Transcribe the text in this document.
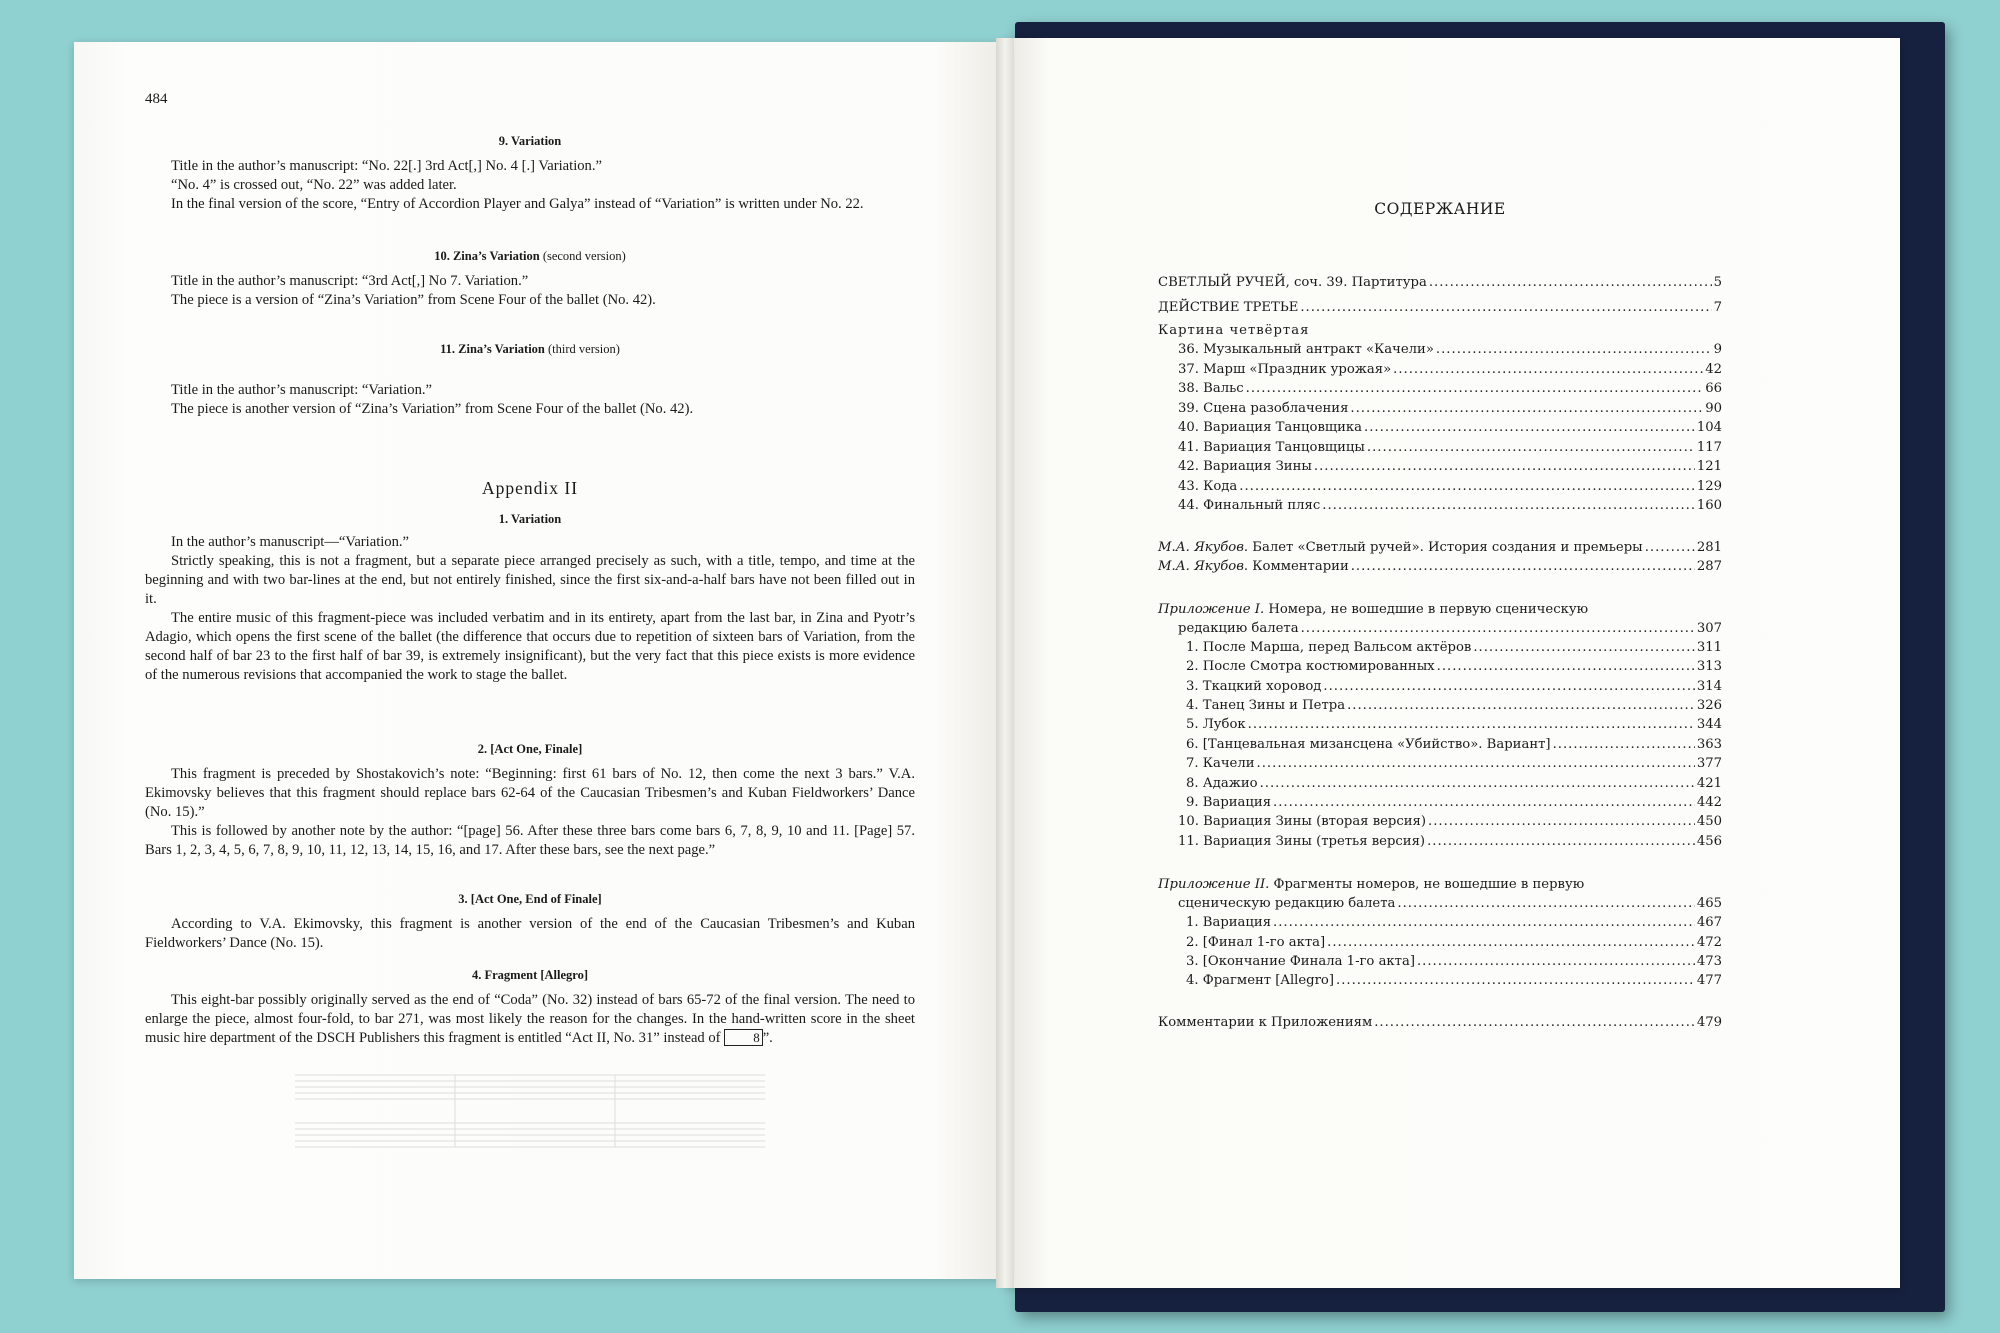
484

9. Variation

Title in the author’s manuscript: “No. 22[.] 3rd Act[,] No. 4 [.] Variation.”

“No. 4” is crossed out, “No. 22” was added later.

In the final version of the score, “Entry of Accordion Player and Galya” instead of “Variation” is written under No. 22.

10. Zina’s Variation (second version)

Title in the author’s manuscript: “3rd Act[,] No 7. Variation.”

The piece is a version of “Zina’s Variation” from Scene Four of the ballet (No. 42).

11. Zina’s Variation (third version)

Title in the author’s manuscript: “Variation.”

The piece is another version of “Zina’s Variation” from Scene Four of the ballet (No. 42).

Appendix II

1. Variation

In the author’s manuscript—“Variation.”

Strictly speaking, this is not a fragment, but a separate piece arranged precisely as such, with a title, tempo, and time at the beginning and with two bar-lines at the end, but not entirely finished, since the first six-and-a-half bars have not been filled out in it.

The entire music of this fragment-piece was included verbatim and in its entirety, apart from the last bar, in Zina and Pyotr’s Adagio, which opens the first scene of the ballet (the difference that occurs due to repetition of sixteen bars of Variation, from the second half of bar 23 to the first half of bar 39, is extremely insignificant), but the very fact that this piece exists is more evidence of the numerous revisions that accompanied the work to stage the ballet.

2. [Act One, Finale]

This fragment is preceded by Shostakovich’s note: “Beginning: first 61 bars of No. 12, then come the next 3 bars.” V.A. Ekimovsky believes that this fragment should replace bars 62-64 of the Caucasian Tribesmen’s and Kuban Fieldworkers’ Dance (No. 15).”

This is followed by another note by the author: “[page] 56. After these three bars come bars 6, 7, 8, 9, 10 and 11. [Page] 57. Bars 1, 2, 3, 4, 5, 6, 7, 8, 9, 10, 11, 12, 13, 14, 15, 16, and 17. After these bars, see the next page.”

3. [Act One, End of Finale]

According to V.A. Ekimovsky, this fragment is another version of the end of the Caucasian Tribesmen’s and Kuban Fieldworkers’ Dance (No. 15).

4. Fragment [Allegro]

This eight-bar possibly originally served as the end of “Coda” (No. 32) instead of bars 65-72 of the final version. The need to enlarge the piece, almost four-fold, to bar 271, was most likely the reason for the changes. In the hand-written score in the sheet music hire department of the DSCH Publishers this fragment is entitled “Act II, No. 31” instead of	8 ”.

СОДЕРЖАНИЕ
СВЕТЛЫЙ РУЧЕЙ, соч. 39. Партитура .....	5
ДЕЙСТВИЕ ТРЕТЬЕ .....	7
Картина четвёртая
36. Музыкальный антракт «Качели» .....	9
37. Марш «Праздник урожая» .....	42
38. Вальс .....	66
39. Сцена разоблачения .....	90
40. Вариация Танцовщика .....	104
41. Вариация Танцовщицы .....	117
42. Вариация Зины .....	121
43. Кода .....	129
44. Финальный пляс .....	160
М.А. Якубов. Балет «Светлый ручей». История создания и премьеры .....	281
М.А. Якубов. Комментарии .....	287
Приложение I. Номера, не вошедшие в первую сценическую
редакцию балета .....	307
1. После Марша, перед Вальсом актёров .....	311
2. После Смотра костюмированных .....	313
3. Ткацкий хоровод .....	314
4. Танец Зины и Петра .....	326
5. Лубок .....	344
6. [Танцевальная мизансцена «Убийство». Вариант] .....	363
7. Качели .....	377
8. Адажио .....	421
9. Вариация .....	442
10. Вариация Зины (вторая версия) .....	450
11. Вариация Зины (третья версия) .....	456
Приложение II. Фрагменты номеров, не вошедшие в первую
сценическую редакцию балета .....	465
1. Вариация .....	467
2. [Финал 1-го акта] .....	472
3. [Окончание Финала 1-го акта] .....	473
4. Фрагмент [Allegro] .....	477
Комментарии к Приложениям .....	479
